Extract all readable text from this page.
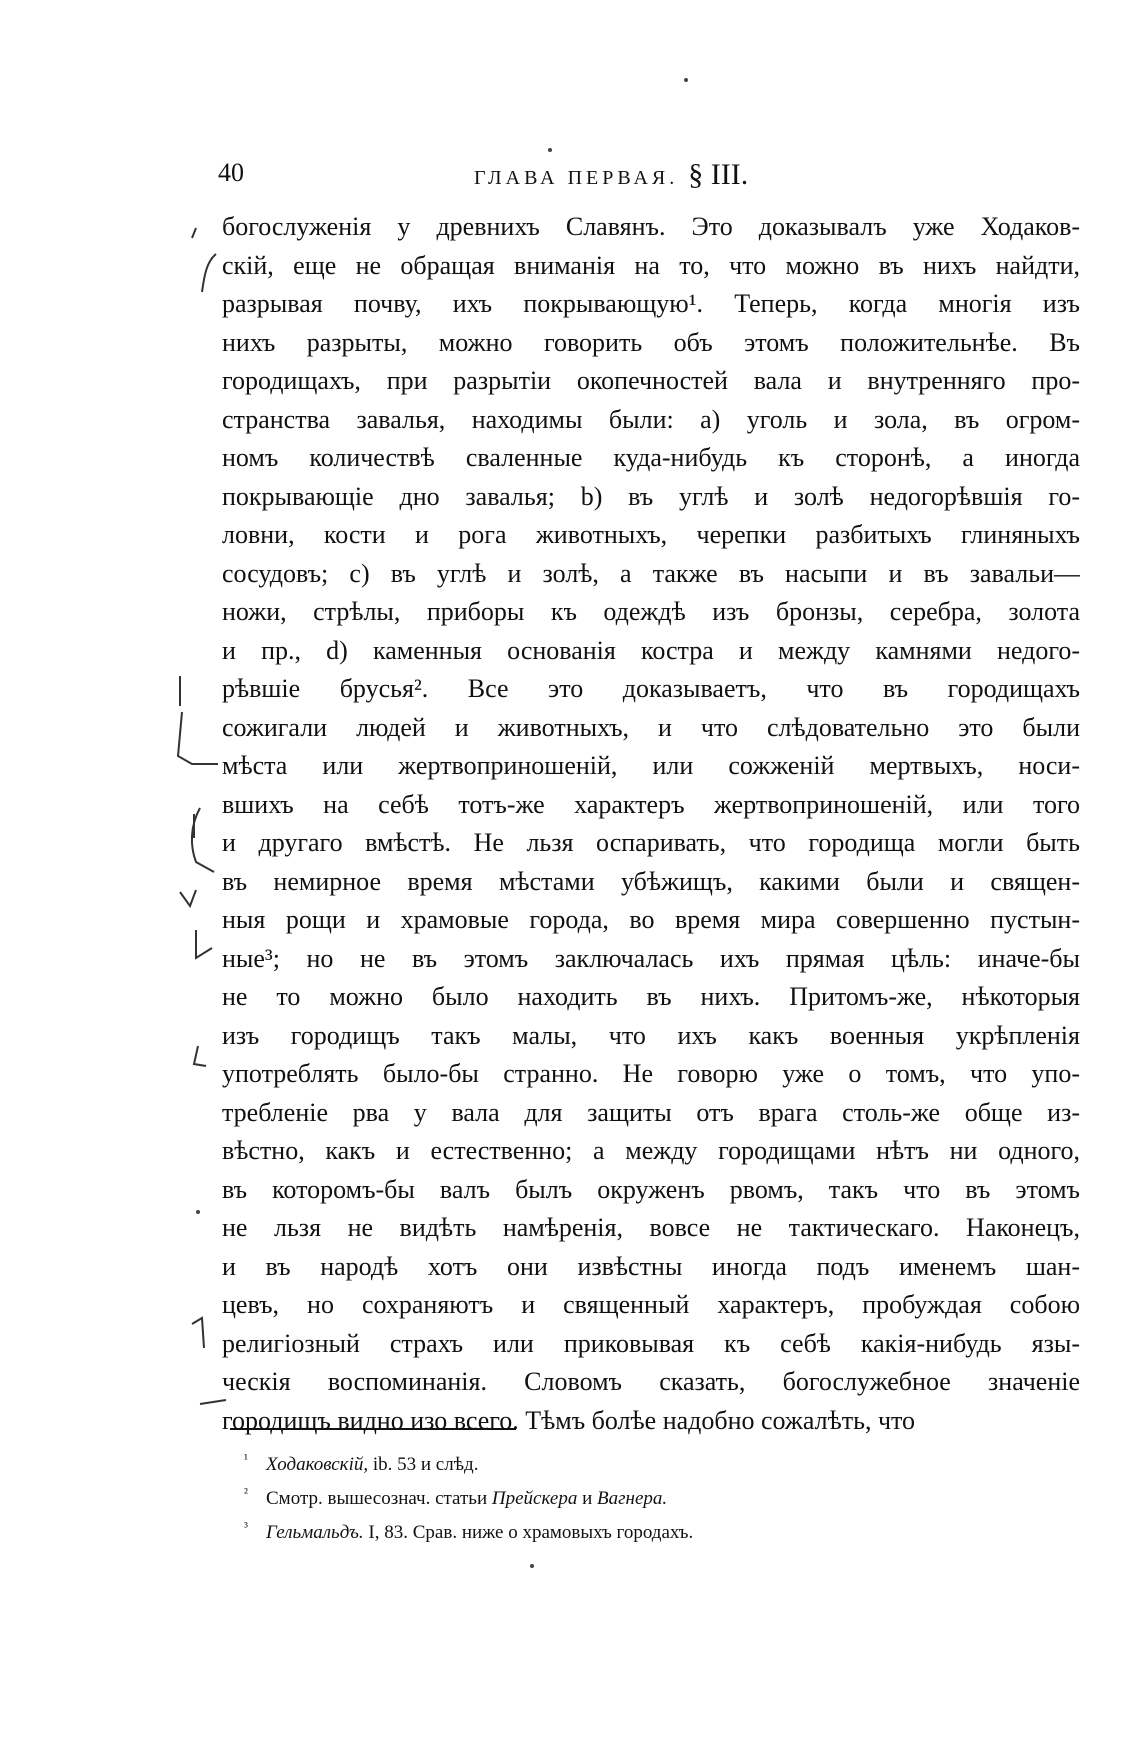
40	ГЛАВА ПЕРВАЯ. § III.
богослуженія у древнихъ Славянъ. Это доказывалъ уже Ходаков-
скій, еще не обращая вниманія на то, что можно въ нихъ найдти,
разрывая почву, ихъ покрывающую¹. Теперь, когда многія изъ
нихъ разрыты, можно говорить объ этомъ положительнѣе. Въ
городищахъ, при разрытіи окопечностей вала и внутренняго про-
странства завалья, находимы были: а) уголь и зола, въ огром-
номъ количествѣ сваленные куда-нибудь къ сторонѣ, а иногда
покрывающіе дно завалья; b) въ углѣ и золѣ недогорѣвшія го-
ловни, кости и рога животныхъ, черепки разбитыхъ глиняныхъ
сосудовъ; c) въ углѣ и золѣ, а также въ насыпи и въ завальи—
ножи, стрѣлы, приборы къ одеждѣ изъ бронзы, серебра, золота
и пр., d) каменныя основанія костра и между камнями недого-
рѣвшіе брусья². Все это доказываетъ, что въ городищахъ
сожигали людей и животныхъ, и что слѣдовательно это были
мѣста или жертвоприношеній, или сожженій мертвыхъ, носи-
вшихъ на себѣ тотъ-же характеръ жертвоприношеній, или того
и другаго вмѣстѣ. Не льзя оспаривать, что городища могли быть
въ немирное время мѣстами убѣжищъ, какими были и священ-
ныя рощи и храмовые города, во время мира совершенно пустын-
ные³; но не въ этомъ заключалась ихъ прямая цѣль: иначе-бы
не то можно было находить въ нихъ. Притомъ-же, нѣкоторыя
изъ городищъ такъ малы, что ихъ какъ военныя укрѣпленія
употреблять было-бы странно. Не говорю уже о томъ, что упо-
требленіе рва у вала для защиты отъ врага столь-же обще из-
вѣстно, какъ и естественно; а между городищами нѣтъ ни одного,
въ которомъ-бы валъ былъ окруженъ рвомъ, такъ что въ этомъ
не льзя не видѣть намѣренія, вовсе не тактическаго. Наконецъ,
и въ народѣ хотъ они извѣстны иногда подъ именемъ шан-
цевъ, но сохраняютъ и священный характеръ, пробуждая собою
религіозный страхъ или приковывая къ себѣ какія-нибудь язы-
ческія воспоминанія. Словомъ сказать, богослужебное значеніе
городищъ видно изо всего. Тѣмъ болѣе надобно сожалѣть, что
¹ Ходаковскій, ib. 53 и слѣд.
² Смотр. вышесознач. статьи Прейскера и Вагнера.
³ Гельмальдъ. I, 83. Срав. ниже о храмовыхъ городахъ.
